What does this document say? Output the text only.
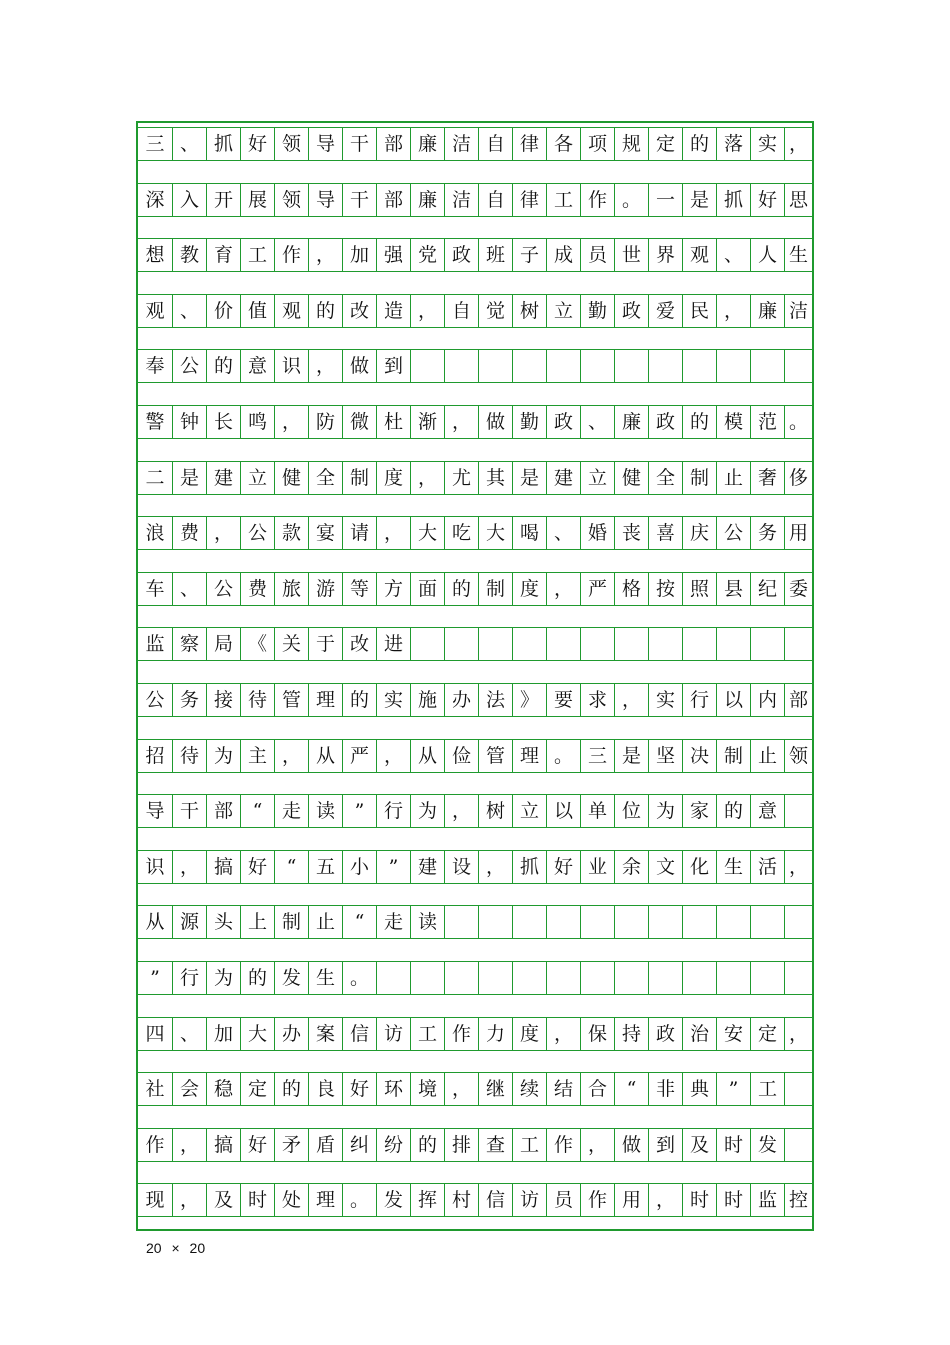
三 、 抓 好 领 导 干 部 廉 洁 自 律 各 项 规 定 的 落 实 ，
深 入 开 展 领 导 干 部 廉 洁 自 律 工 作 。 一 是 抓 好 思
想 教 育 工 作 ， 加 强 党 政 班 子 成 员 世 界 观 、 人 生
观 、 价 值 观 的 改 造 ， 自 觉 树 立 勤 政 爱 民 ， 廉 洁
奉 公 的 意 识 ， 做 到
警 钟 长 鸣 ， 防 微 杜 渐 ， 做 勤 政 、 廉 政 的 模 范 。
二 是 建 立 健 全 制 度 ， 尤 其 是 建 立 健 全 制 止 奢 侈
浪 费 ， 公 款 宴 请 ， 大 吃 大 喝 、 婚 丧 喜 庆 公 务 用
车 、 公 费 旅 游 等 方 面 的 制 度 ， 严 格 按 照 县 纪 委
监 察 局 《 关 于 改 进
公 务 接 待 管 理 的 实 施 办 法 》 要 求 ， 实 行 以 内 部
招 待 为 主 ， 从 严 ， 从 俭 管 理 。 三 是 坚 决 制 止 领
导 干 部	“	走 读	”	行 为 ， 树 立 以 单 位 为 家 的 意
识 ， 搞 好	“	五 小	”	建 设 ， 抓 好 业 余 文 化 生 活 ，
从 源 头 上 制 止	“	走 读
”	行 为 的 发 生 。
四 、 加 大 办 案 信 访 工 作 力 度 ， 保 持 政 治 安 定 ，
社 会 稳 定 的 良 好 环 境 ， 继 续 结 合	“	非 典	”	工
作 ， 搞 好 矛 盾 纠 纷 的 排 查 工 作 ， 做 到 及 时 发
现 ， 及 时 处 理 。 发 挥 村 信 访 员 作 用 ， 时 时 监 控
20 × 20
